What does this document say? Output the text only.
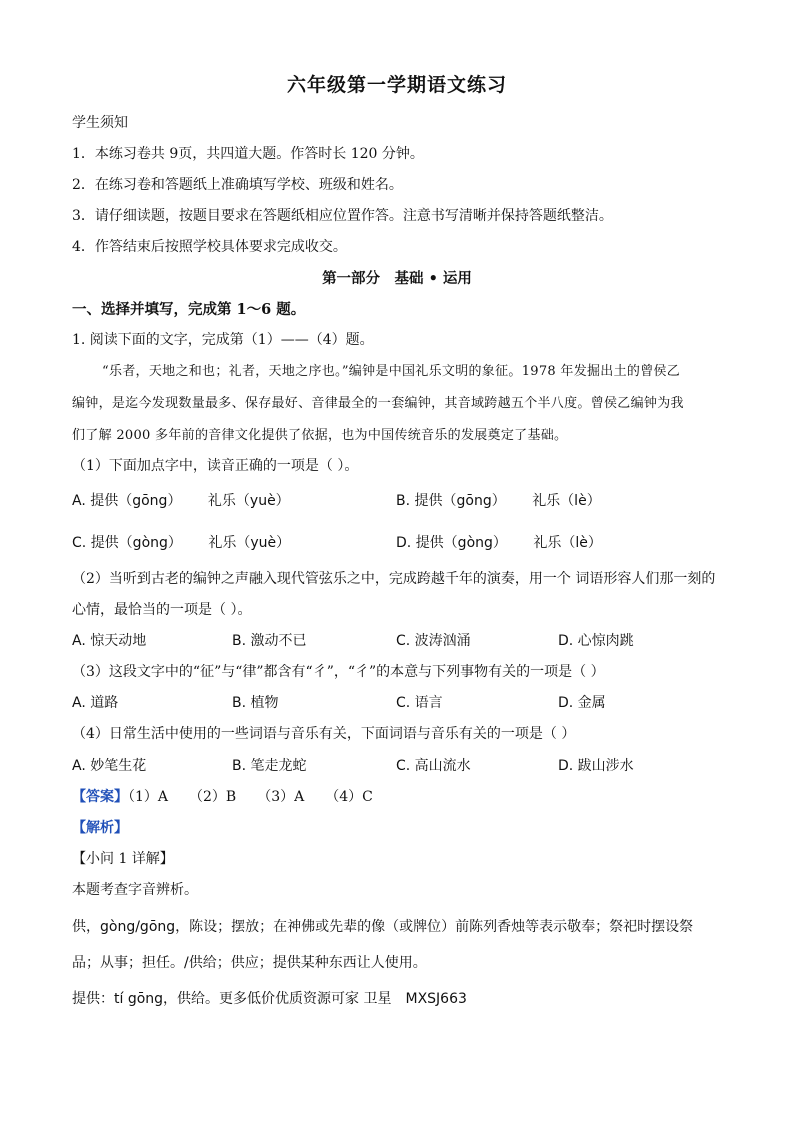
六年级第一学期语文练习
学生须知
1．本练习卷共 9页，共四道大题。作答时长 120 分钟。
2．在练习卷和答题纸上准确填写学校、班级和姓名。
3．请仔细读题，按题目要求在答题纸相应位置作答。注意书写清晰并保持答题纸整洁。
4．作答结束后按照学校具体要求完成收交。
第一部分　基础 • 运用
一、选择并填写，完成第 1～6 题。
1. 阅读下面的文字，完成第（1）——（4）题。
“乐者，天地之和也；礼者，天地之序也。”编钟是中国礼乐文明的象征。1978 年发掘出土的曾侯乙
编钟，是迄今发现数量最多、保存最好、音律最全的一套编钟，其音域跨越五个半八度。曾侯乙编钟为我
们了解 2000 多年前的音律文化提供了依据，也为中国传统音乐的发展奠定了基础。
（1）下面加点字中，读音正确的一项是（ ）。
A. 提供（gōng） 礼乐（yuè）	B. 提供（gōng） 礼乐（lè）
C. 提供（gòng） 礼乐（yuè）	D. 提供（gòng） 礼乐（lè）
（2）当听到古老的编钟之声融入现代管弦乐之中，完成跨越千年的演奏，用一个 词语形容人们那一刻的
心情，最恰当的一项是（ ）。
A. 惊天动地	B. 激动不已	C. 波涛汹涌	D. 心惊肉跳
（3）这段文字中的“征”与“律”都含有“彳”，“彳”的本意与下列事物有关的一项是（ ）
A. 道路	B. 植物	C. 语言	D. 金属
（4）日常生活中使用的一些词语与音乐有关，下面词语与音乐有关的一项是（ ）
A. 妙笔生花	B. 笔走龙蛇	C. 高山流水	D. 跋山涉水
【答案】（1）A　　（2）B　　（3）A　　（4）C
【解析】
【小问 1 详解】
本题考查字音辨析。
供，gòng/gōng，陈设；摆放；在神佛或先辈的像（或牌位）前陈列香烛等表示敬奉；祭祀时摆设祭
品；从事；担任。/供给；供应；提供某种东西让人使用。
提供：tí gōng，供给。更多低价优质资源可家 卫星　MXSJ663
